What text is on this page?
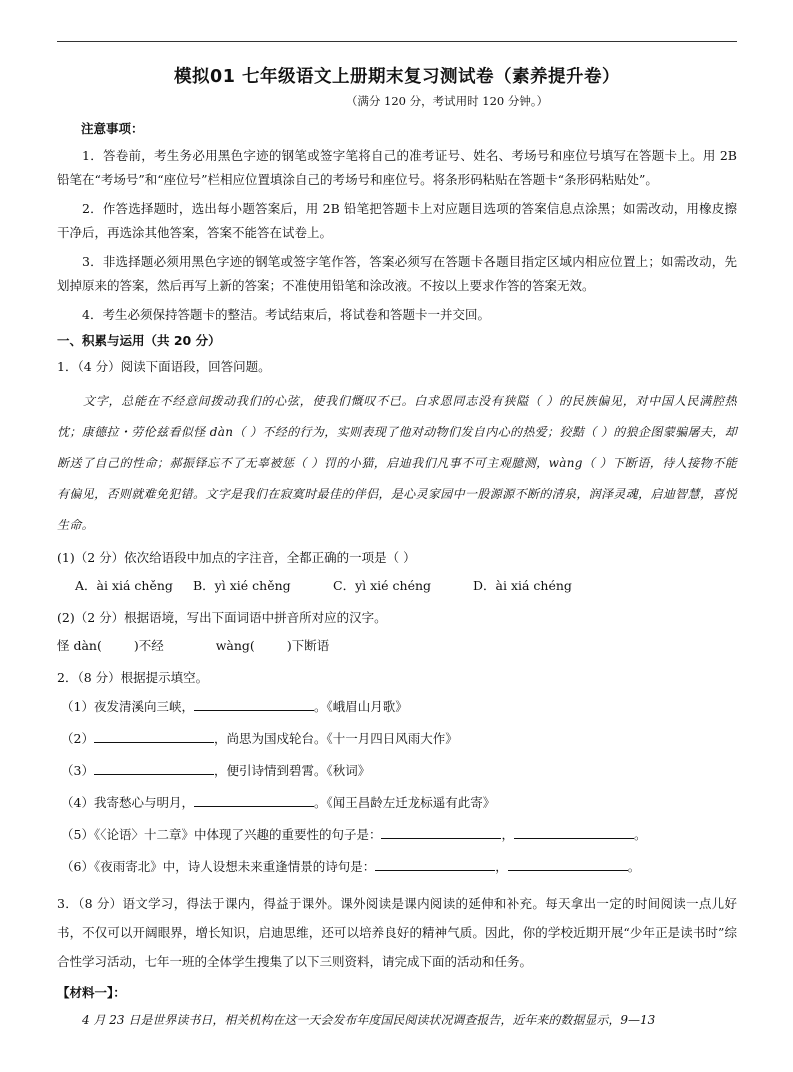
模拟01 七年级语文上册期末复习测试卷（素养提升卷）
（满分 120 分，考试用时 120 分钟。）
注意事项：

1．答卷前，考生务必用黑色字迹的钢笔或签字笔将自己的准考证号、姓名、考场号和座位号填写在答题卡上。用 2B 铅笔在“考场号”和“座位号”栏相应位置填涂自己的考场号和座位号。将条形码粘贴在答题卡“条形码粘贴处”。

2．作答选择题时，选出每小题答案后，用 2B 铅笔把答题卡上对应题目选项的答案信息点涂黑；如需改动，用橡皮擦干净后，再选涂其他答案，答案不能答在试卷上。

3．非选择题必须用黑色字迹的钢笔或签字笔作答，答案必须写在答题卡各题目指定区域内相应位置上；如需改动，先划掉原来的答案，然后再写上新的答案；不准使用铅笔和涂改液。不按以上要求作答的答案无效。

4．考生必须保持答题卡的整洁。考试结束后，将试卷和答题卡一并交回。

一、积累与运用（共 20 分）
1．（4 分）阅读下面语段，回答问题。

文字，总能在不经意间拨动我们的心弦，使我们慨叹不已。白求恩同志没有狭隘（ ）的民族偏见，对中国人民满腔热忱；康德拉・劳伦兹看似怪 dàn（ ）不经的行为，实则表现了他对动物们发自内心的热爱；狡黠（ ）的狼企图蒙骗屠夫，却断送了自己的性命；郝振铎忘不了无辜被惩（ ）罚的小猫，启迪我们凡事不可主观臆测，wàng（ ）下断语，待人接物不能有偏见，否则就难免犯错。文字是我们在寂寞时最佳的伴侣，是心灵家园中一股源源不断的清泉，润泽灵魂，启迪智慧，喜悦生命。

(1)（2 分）依次给语段中加点的字注音，全都正确的一项是（ ）
A．ài xiá chěng	B．yì xié chěng	C．yì xié chéng	D．ài xiá chéng
(2)（2 分）根据语境，写出下面词语中拼音所对应的汉字。
怪 dàn(	)不经	wàng(	)下断语
2．（8 分）根据提示填空。
（1）夜发清溪向三峡，	。《峨眉山月歌》
（2）	，尚思为国戍轮台。《十一月四日风雨大作》
（3）	，便引诗情到碧霄。《秋词》
（4）我寄愁心与明月，	。《闻王昌龄左迁龙标遥有此寄》
（5）《〈论语〉十二章》中体现了兴趣的重要性的句子是：	，	。
（6）《夜雨寄北》中，诗人设想未来重逢情景的诗句是：	，	。

3．（8 分）语文学习，得法于课内，得益于课外。课外阅读是课内阅读的延伸和补充。每天拿出一定的时间阅读一点儿好书，不仅可以开阔眼界，增长知识，启迪思维，还可以培养良好的精神气质。因此，你的学校近期开展“少年正是读书时”综合性学习活动，七年一班的全体学生搜集了以下三则资料，请完成下面的活动和任务。

【材料一】：
4 月 23 日是世界读书日，相关机构在这一天会发布年度国民阅读状况调查报告，近年来的数据显示，9—13
